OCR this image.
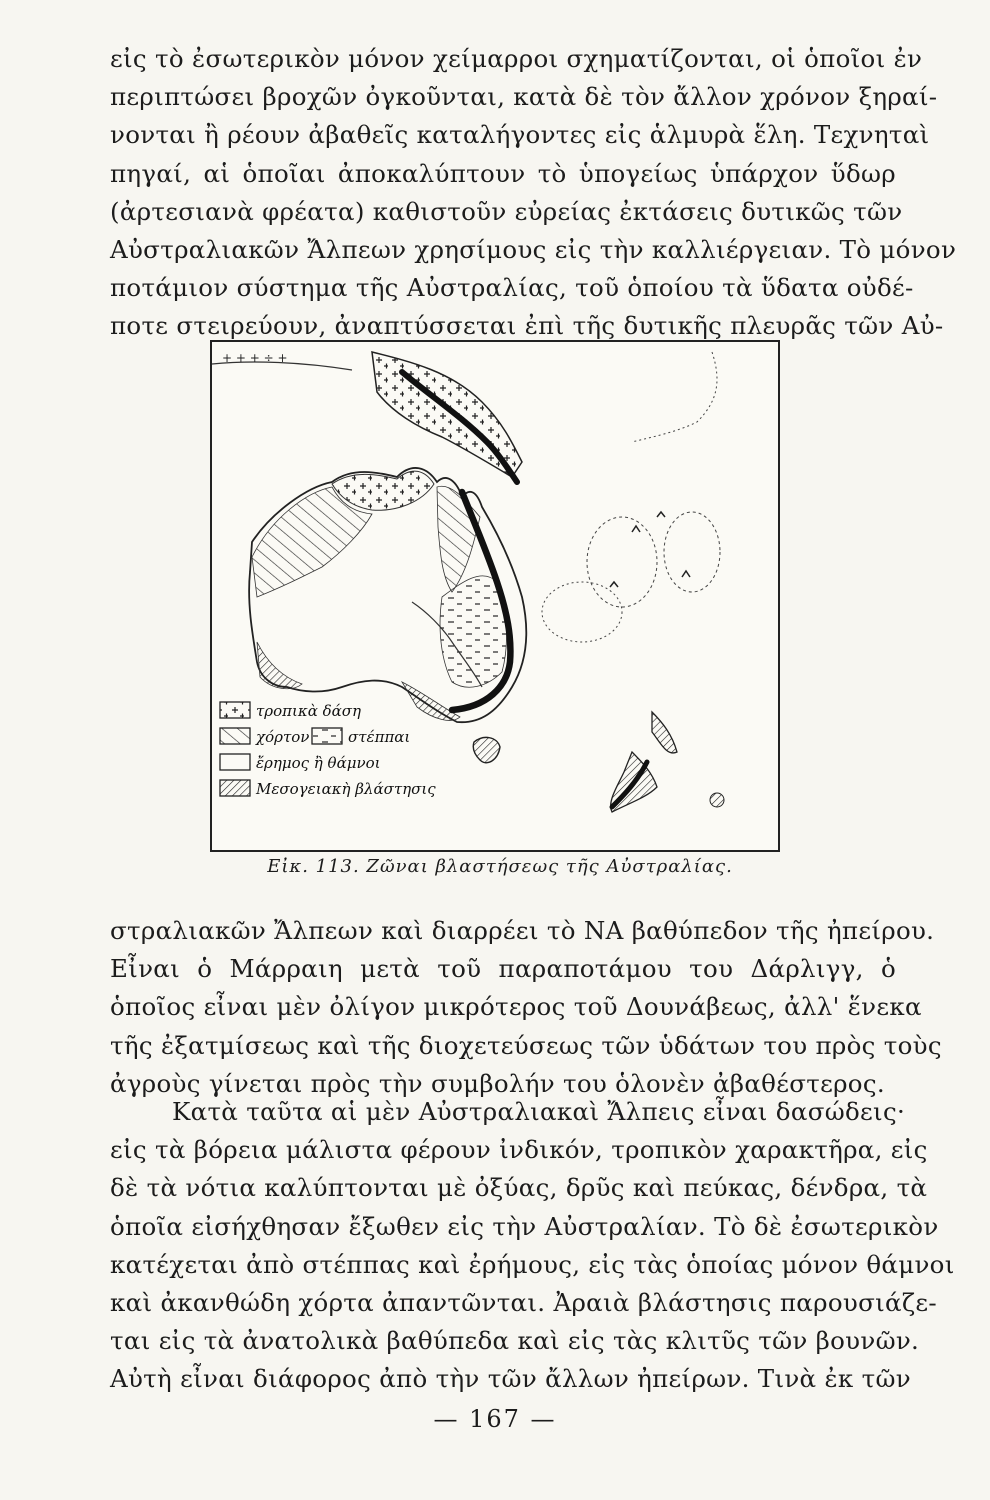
εἰς τὸ ἐσωτερικὸν μόνον χείμαρροι σχηματίζονται, οἱ ὁποῖοι ἐν
περιπτώσει βροχῶν ὀγκοῦνται, κατὰ δὲ τὸν ἄλλον χρόνον ξηραί-
νονται ἢ ρέουν ἀβαθεῖς καταλήγοντες εἰς ἁλμυρὰ ἕλη. Τεχνηταὶ
πηγαί, αἱ ὁποῖαι ἀποκαλύπτουν τὸ ὑπογείως ὑπάρχον ὕδωρ
(ἀρτεσιανὰ φρέατα) καθιστοῦν εὐρείας ἐκτάσεις δυτικῶς τῶν
Αὐστραλιακῶν Ἄλπεων χρησίμους εἰς τὴν καλλιέργειαν. Τὸ μόνον
ποτάμιον σύστημα τῆς Αὐστραλίας, τοῦ ὁποίου τὰ ὕδατα οὐδέ-
ποτε στειρεύουν, ἀναπτύσσεται ἐπὶ τῆς δυτικῆς πλευρᾶς τῶν Αὐ-

+ + + ÷ +
τροπικὰ δάση
χόρτον	στέππαι
ἔρημος ἢ θάμνοι
Μεσογειακὴ βλάστησις
Εἰκ. 113. Ζῶναι βλαστήσεως τῆς Αὐστραλίας.

στραλιακῶν Ἄλπεων καὶ διαρρέει τὸ ΝΑ βαθύπεδον τῆς ἠπείρου.
Εἶναι ὁ Μάρραιη μετὰ τοῦ παραποτάμου του Δάρλιγγ, ὁ
ὁποῖος εἶναι μὲν ὀλίγον μικρότερος τοῦ Δουνάβεως, ἀλλ' ἕνεκα
τῆς ἐξατμίσεως καὶ τῆς διοχετεύσεως τῶν ὑδάτων του πρὸς τοὺς
ἀγροὺς γίνεται πρὸς τὴν συμβολήν του ὁλονὲν ἀβαθέστερος.

Κατὰ ταῦτα αἱ μὲν Αὐστραλιακαὶ Ἄλπεις εἶναι δασώδεις·
εἰς τὰ βόρεια μάλιστα φέρουν ἰνδικόν, τροπικὸν χαρακτῆρα, εἰς
δὲ τὰ νότια καλύπτονται μὲ ὀξύας, δρῦς καὶ πεύκας, δένδρα, τὰ
ὁποῖα εἰσήχθησαν ἔξωθεν εἰς τὴν Αὐστραλίαν. Τὸ δὲ ἐσωτερικὸν
κατέχεται ἀπὸ στέππας καὶ ἐρήμους, εἰς τὰς ὁποίας μόνον θάμνοι
καὶ ἀκανθώδη χόρτα ἀπαντῶνται. Ἀραιὰ βλάστησις παρουσιάζε-
ται εἰς τὰ ἀνατολικὰ βαθύπεδα καὶ εἰς τὰς κλιτῦς τῶν βουνῶν.
Αὐτὴ εἶναι διάφορος ἀπὸ τὴν τῶν ἄλλων ἠπείρων. Τινὰ ἐκ τῶν

— 167 —
